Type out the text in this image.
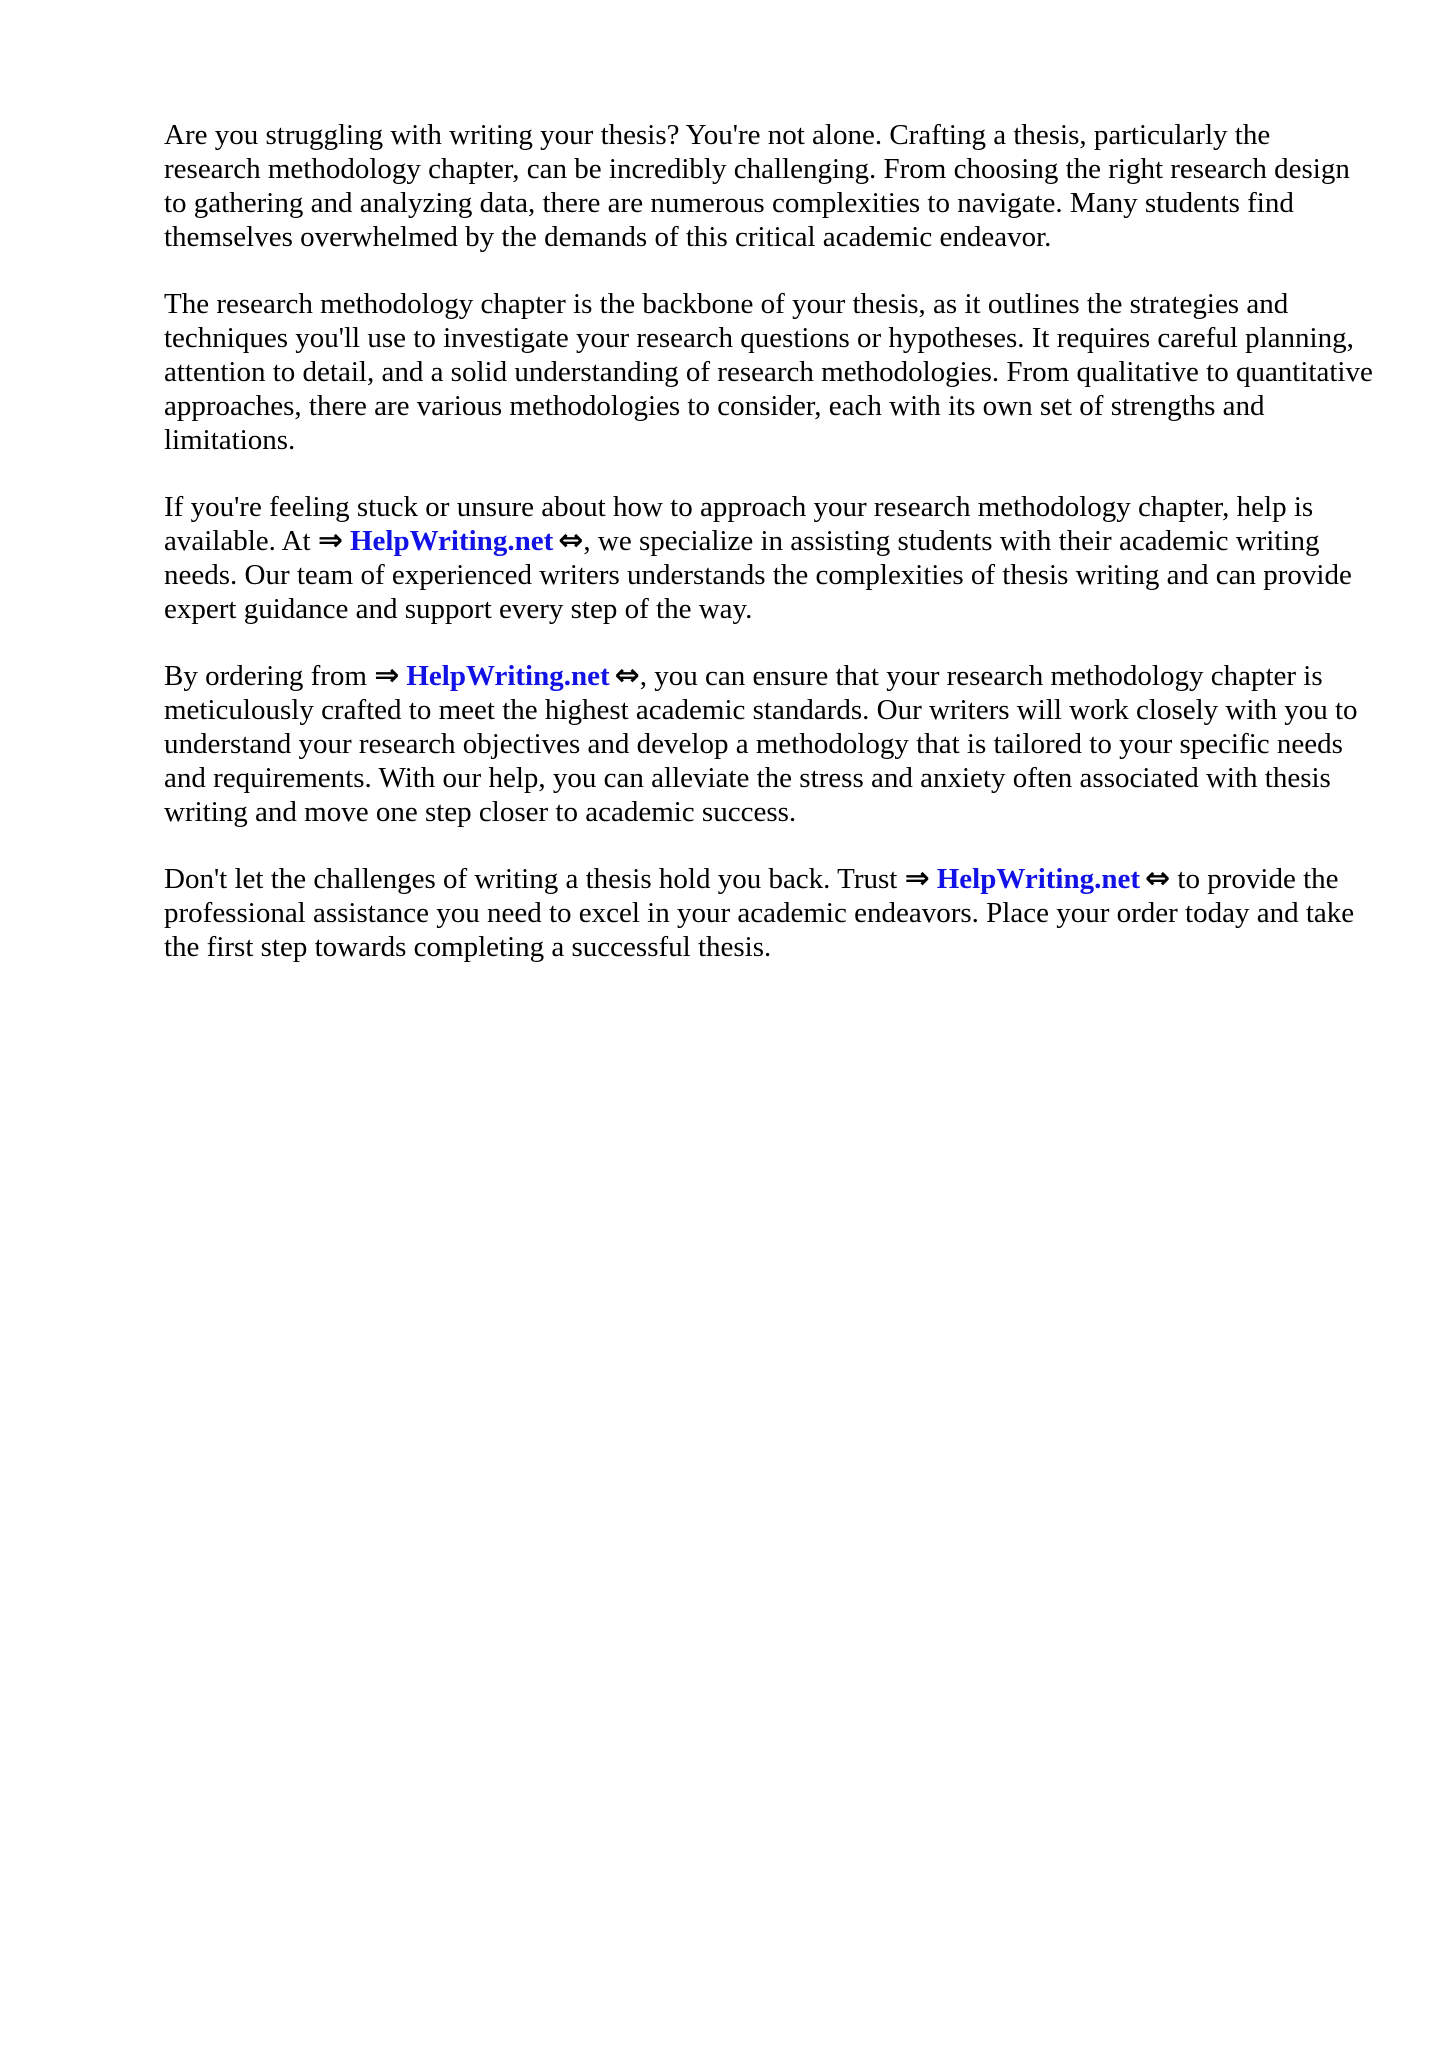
Are you struggling with writing your thesis? You're not alone. Crafting a thesis, particularly the research methodology chapter, can be incredibly challenging. From choosing the right research design to gathering and analyzing data, there are numerous complexities to navigate. Many students find themselves overwhelmed by the demands of this critical academic endeavor.

The research methodology chapter is the backbone of your thesis, as it outlines the strategies and techniques you'll use to investigate your research questions or hypotheses. It requires careful planning, attention to detail, and a solid understanding of research methodologies. From qualitative to quantitative approaches, there are various methodologies to consider, each with its own set of strengths and limitations.

If you're feeling stuck or unsure about how to approach your research methodology chapter, help is available. At ⇒ HelpWriting.net ⇔, we specialize in assisting students with their academic writing needs. Our team of experienced writers understands the complexities of thesis writing and can provide expert guidance and support every step of the way.

By ordering from ⇒ HelpWriting.net ⇔, you can ensure that your research methodology chapter is meticulously crafted to meet the highest academic standards. Our writers will work closely with you to understand your research objectives and develop a methodology that is tailored to your specific needs and requirements. With our help, you can alleviate the stress and anxiety often associated with thesis writing and move one step closer to academic success.

Don't let the challenges of writing a thesis hold you back. Trust ⇒ HelpWriting.net ⇔ to provide the professional assistance you need to excel in your academic endeavors. Place your order today and take the first step towards completing a successful thesis.
